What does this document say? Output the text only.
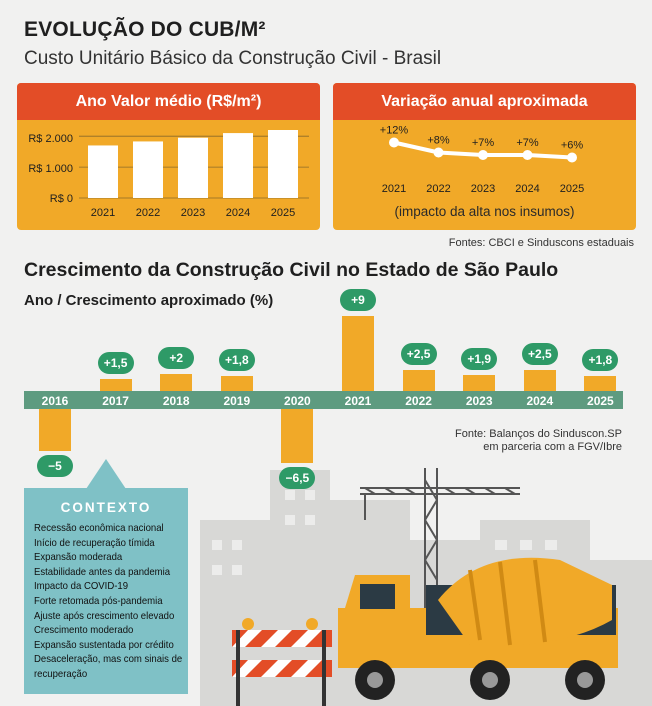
EVOLUÇÃO DO CUB/M²
Custo Unitário Básico da Construção Civil - Brasil
Ano Valor médio (R$/m²)
R$ 2.000
R$ 1.000
R$ 0
2021 2022 2023 2024 2025
Variação anual aproximada
+12%
2021
+8%
2022
+7%
2023
+7%
2024
+6%
2025
(impacto da alta nos insumos)
Fontes: CBCI e Sinduscons estaduais
Crescimento da Construção Civil no Estado de São Paulo
Ano / Crescimento aproximado (%)
−5
+1,5	+2	+1,8
−6,5
+9
+2,5	+1,9	+2,5	+1,8
2016	2017	2018	2019	2020	2021	2022	2023	2024	2025
Fonte: Balanços do Sinduscon.SP
em parceria com a FGV/Ibre
CONTEXTO
Recessão econômica nacional
Início de recuperação tímida
Expansão moderada
Estabilidade antes da pandemia
Impacto da COVID-19
Forte retomada pós-pandemia
Ajuste após crescimento elevado
Crescimento moderado
Expansão sustentada por crédito
Desaceleração, mas com sinais de recuperação
